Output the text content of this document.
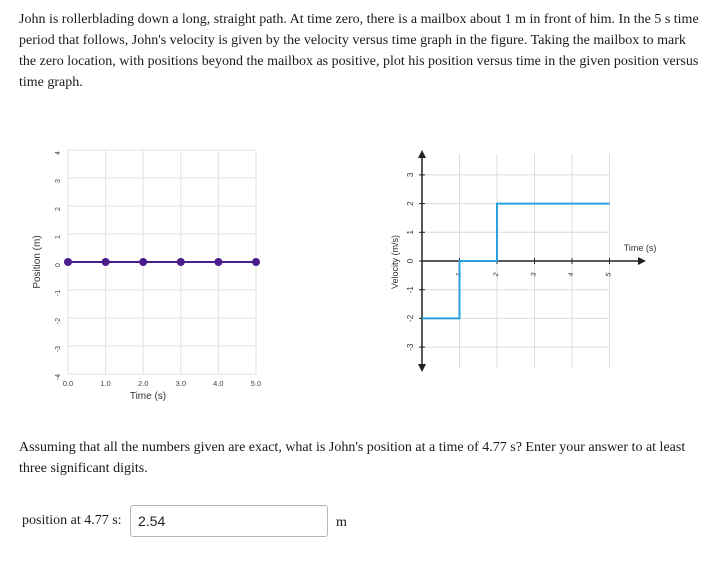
John is rollerblading down a long, straight path. At time zero, there is a mailbox about 1 m in front of him. In the 5 s time period that follows, John's velocity is given by the velocity versus time graph in the figure. Taking the mailbox to mark the zero location, with positions beyond the mailbox as positive, plot his position versus time in the given position versus time graph.

4
3
2
1
0
-1
-2
-3
-4
0.0	1.0	2.0	3.0	4.0	5.0
Position (m)
Time (s)
3
2
1
0
-1
-2
-3
1	2	3	4	5
Velocity (m/s)	Time (s)

Assuming that all the numbers given are exact, what is John's position at a time of 4.77 s? Enter your answer to at least three significant digits.

position at 4.77 s:
2.54	m
